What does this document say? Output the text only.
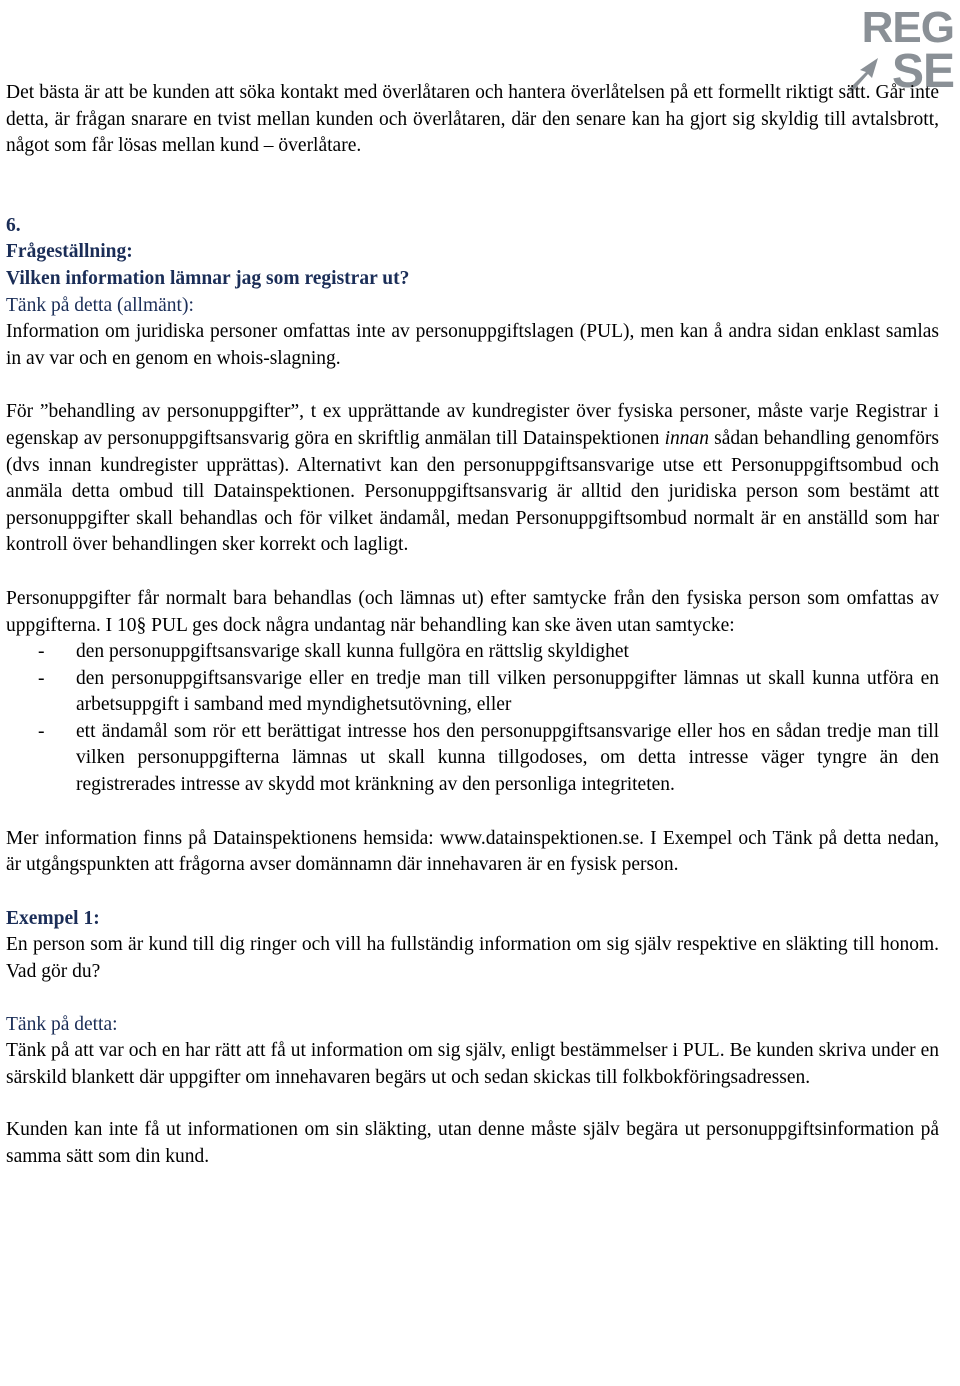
REG
SE

Det bästa är att be kunden att söka kontakt med överlåtaren och hantera överlåtelsen på ett formellt riktigt sätt. Går inte detta, är frågan snarare en tvist mellan kunden och överlåtaren, där den senare kan ha gjort sig skyldig till avtalsbrott, något som får lösas mellan kund – överlåtare.

6.

Frågeställning:

Vilken information lämnar jag som registrar ut?

Tänk på detta (allmänt):

Information om juridiska personer omfattas inte av personuppgiftslagen (PUL), men kan å andra sidan enklast samlas in av var och en genom en whois-slagning.

För ”behandling av personuppgifter”, t ex upprättande av kundregister över fysiska personer, måste varje Registrar i egenskap av personuppgiftsansvarig göra en skriftlig anmälan till Datainspektionen innan sådan behandling genomförs (dvs innan kundregister upprättas). Alternativt kan den personuppgiftsansvarige utse ett Personuppgiftsombud och anmäla detta ombud till Datainspektionen. Personuppgiftsansvarig är alltid den juridiska person som bestämt att personuppgifter skall behandlas och för vilket ändamål, medan Personuppgiftsombud normalt är en anställd som har kontroll över behandlingen sker korrekt och lagligt.

Personuppgifter får normalt bara behandlas (och lämnas ut) efter samtycke från den fysiska person som omfattas av uppgifterna. I 10§ PUL ges dock några undantag när behandling kan ske även utan samtycke:

- den personuppgiftsansvarige skall kunna fullgöra en rättslig skyldighet
- den personuppgiftsansvarige eller en tredje man till vilken personuppgifter lämnas ut skall kunna utföra en arbetsuppgift i samband med myndighetsutövning, eller
- ett ändamål som rör ett berättigat intresse hos den personuppgiftsansvarige eller hos en sådan tredje man till vilken personuppgifterna lämnas ut skall kunna tillgodoses, om detta intresse väger tyngre än den registrerades intresse av skydd mot kränkning av den personliga integriteten.

Mer information finns på Datainspektionens hemsida: www.datainspektionen.se. I Exempel och Tänk på detta nedan, är utgångspunkten att frågorna avser domännamn där innehavaren är en fysisk person.

Exempel 1:

En person som är kund till dig ringer och vill ha fullständig information om sig själv respektive en släkting till honom. Vad gör du?

Tänk på detta:

Tänk på att var och en har rätt att få ut information om sig själv, enligt bestämmelser i PUL. Be kunden skriva under en särskild blankett där uppgifter om innehavaren begärs ut och sedan skickas till folkbokföringsadressen.

Kunden kan inte få ut informationen om sin släkting, utan denne måste själv begära ut personuppgiftsinformation på samma sätt som din kund.
